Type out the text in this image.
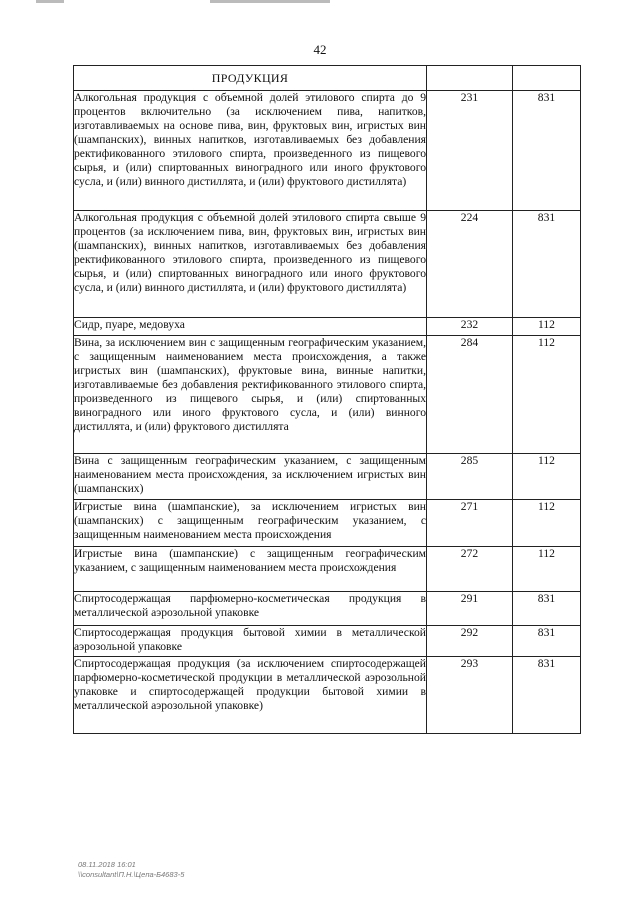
42
ПРОДУКЦИЯ		
Алкогольная продукция с объемной долей этилового спирта до 9 процентов включительно (за исключением пива, напитков, изготавливаемых на основе пива, вин, фруктовых вин, игристых вин (шампанских), винных напитков, изготавливаемых без добавления ректификованного этилового спирта, произведенного из пищевого сырья, и (или) спиртованных виноградного или иного фруктового сусла, и (или) винного дистиллята, и (или) фруктового дистиллята)	231	831
Алкогольная продукция с объемной долей этилового спирта свыше 9 процентов (за исключением пива, вин, фруктовых вин, игристых вин (шампанских), винных напитков, изготавливаемых без добавления ректификованного этилового спирта, произведенного из пищевого сырья, и (или) спиртованных виноградного или иного фруктового сусла, и (или) винного дистиллята, и (или) фруктового дистиллята)	224	831
Сидр, пуаре, медовуха	232	112
Вина, за исключением вин с защищенным географическим указанием, с защищенным наименованием места происхождения, а также игристых вин (шампанских), фруктовые вина, винные напитки, изготавливаемые без добавления ректификованного этилового спирта, произведенного из пищевого сырья, и (или) спиртованных виноградного или иного фруктового сусла, и (или) винного дистиллята, и (или) фруктового дистиллята	284	112
Вина с защищенным географическим указанием, с защищенным наименованием места происхождения, за исключением игристых вин (шампанских)	285	112
Игристые вина (шампанские), за исключением игристых вин (шампанских) с защищенным географическим указанием, с защищенным наименованием места происхождения	271	112
Игристые вина (шампанские) с защищенным географическим указанием, с защищенным наименованием места происхождения	272	112
Спиртосодержащая парфюмерно-косметическая продукция в металлической аэрозольной упаковке	291	831
Спиртосодержащая продукция бытовой химии в металлической аэрозольной упаковке	292	831
Спиртосодержащая продукция (за исключением спиртосодержащей парфюмерно-косметической продукции в металлической аэрозольной упаковке и спиртосодержащей продукции бытовой химии в металлической аэрозольной упаковке)	293	831
08.11.2018 16:01
\\consultant\П.Н.\Цепа-Б4683-5
